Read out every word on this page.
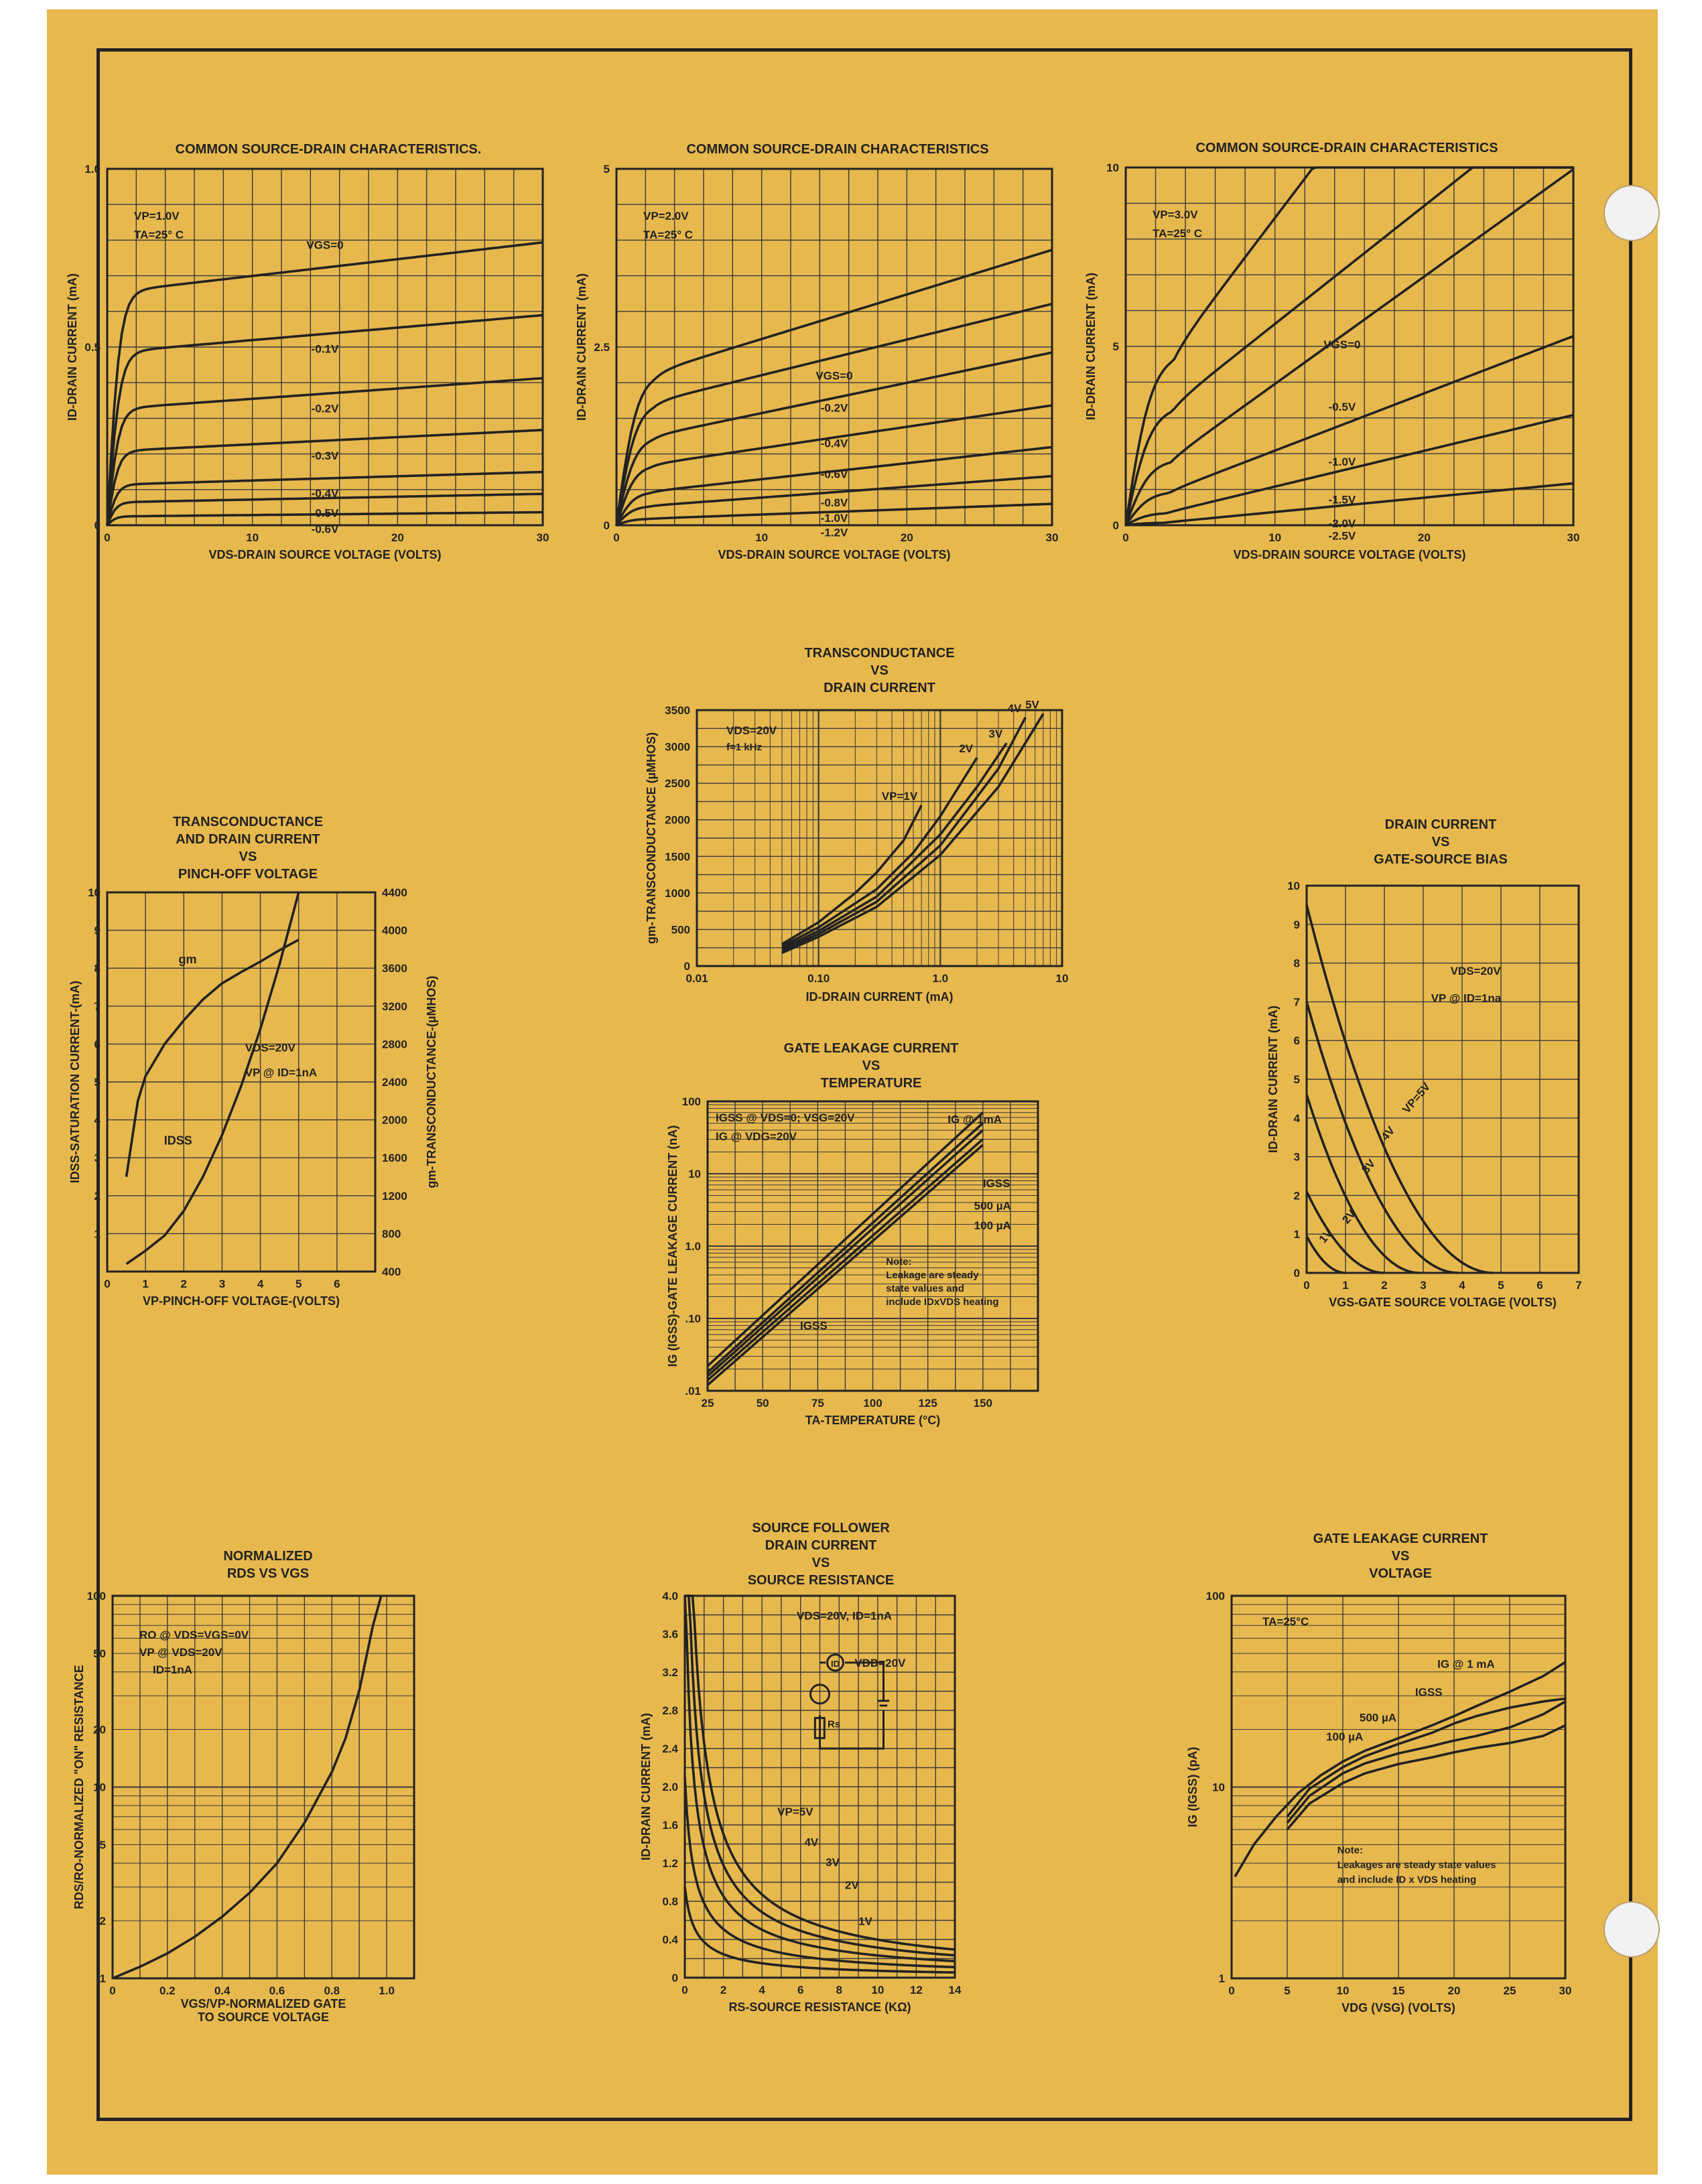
VGS=0
-0.1V
-0.2V
-0.3V
-0.4V
-0.5V
-0.6V
VP=1.0V
TA=25° C
0	10	20	30
0
0.5
1.0
VDS-DRAIN SOURCE VOLTAGE (VOLTS)
ID-DRAIN CURRENT (mA)
COMMON SOURCE-DRAIN CHARACTERISTICS.
VGS=0
-0.2V
-0.4V
-0.6V
-0.8V
-1.0V
-1.2V
VP=2.0V
TA=25° C
0	10	20	30
0
2.5
5
VDS-DRAIN SOURCE VOLTAGE (VOLTS)
ID-DRAIN CURRENT (mA)
COMMON SOURCE-DRAIN CHARACTERISTICS
VGS=0
-0.5V
-1.0V
-1.5V
-2.0V
-2.5V
VP=3.0V
TA=25° C
0	10	20	30
0
5
10
VDS-DRAIN SOURCE VOLTAGE (VOLTS)
ID-DRAIN CURRENT (mA)
COMMON SOURCE-DRAIN CHARACTERISTICS
VP=1V
2V
3V
4V 5V
VDS=20V
f=1 kHz
0.01	0.10	1.0	10
0
500
1000
1500
2000
2500
3000
3500
ID-DRAIN CURRENT (mA)
gm-TRANSCONDUCTANCE (µMHOS)
TRANSCONDUCTANCE
VS
DRAIN CURRENT
IDSS
gm
VDS=20V
VP @ ID=1nA
0	1	2	3	4	5	6
1
2
3
4
5
6
7
8
9
10
400
800
1200
1600
2000
2400
2800
3200
3600
4000
4400
VP-PINCH-OFF VOLTAGE-(VOLTS)
IDSS-SATURATION CURRENT-(mA)	gm-TRANSCONDUCTANCE-(µMHOS)
TRANSCONDUCTANCE
AND DRAIN CURRENT
VS
PINCH-OFF VOLTAGE
IG @ 1mA
IGSS
500 µA
100 µA
IGSS
IGSS @ VDS=0; VSG=20V
IG @ VDG=20V
Note:
Leakage are steady
state values and
include IDxVDS heating
25	50	75	100	125	150
.01
.10
1.0
10
100
TA-TEMPERATURE (°C)
IG (IGSS)-GATE LEAKAGE CURRENT (nA)
GATE LEAKAGE CURRENT
VS
TEMPERATURE
1V
2V
3V
4V
VP=5V
VDS=20V
VP @ ID=1na
0	1	2	3	4	5	6	7
0
1
2
3
4
5
6
7
8
9
10
VGS-GATE SOURCE VOLTAGE (VOLTS)
ID-DRAIN CURRENT (mA)
DRAIN CURRENT
VS
GATE-SOURCE BIAS
RO @ VDS=VGS=0V
VP @ VDS=20V
ID=1nA
0	0.2	0.4	0.6	0.8	1.0
1
2
5
10
20
50
100
VGS/VP-NORMALIZED GATE
TO SOURCE VOLTAGE
RDS/RO-NORMALIZED "ON" RESISTANCE
NORMALIZED
RDS VS VGS
VP=5V
4V
3V
2V
1V
VDS=20V, ID=1nA
ID VDD=20V
Rs
0	2	4	6	8	10 12 14
0
0.4
0.8
1.2
1.6
2.0
2.4
2.8
3.2
3.6
4.0
RS-SOURCE RESISTANCE (KΩ)
ID-DRAIN CURRENT (mA)
SOURCE FOLLOWER
DRAIN CURRENT
VS
SOURCE RESISTANCE
IG @ 1 mA
IGSS
500 µA
100 µA
TA=25°C
Note:
Leakages are steady state values
and include ID x VDS heating
0	5	10	15	20	25	30
1
10
100
VDG (VSG) (VOLTS)
IG (IGSS) (pA)
GATE LEAKAGE CURRENT
VS
VOLTAGE
